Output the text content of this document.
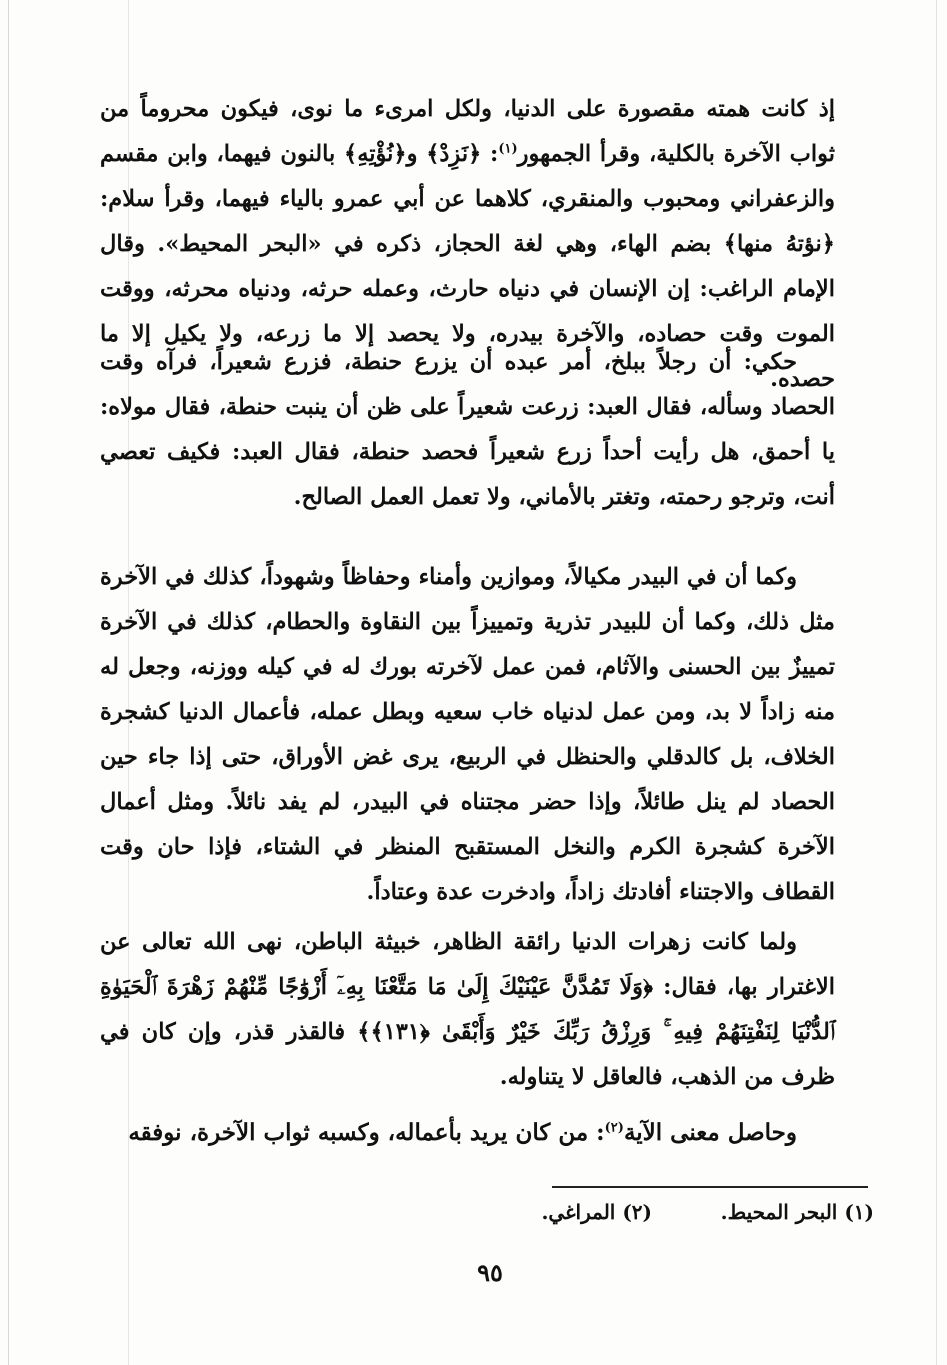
إذ كانت همته مقصورة على الدنيا، ولكل امرىء ما نوى، فيكون محروماً من ثواب الآخرة بالكلية، وقرأ الجمهور$^{(١)}$: ﴿نَزِدْ﴾ و﴿نُؤْتِهِ﴾ بالنون فيهما، وابن مقسم والزعفراني ومحبوب والمنقري، كلاهما عن أبي عمرو بالياء فيهما، وقرأ سلام: ﴿نؤتهُ منها﴾ بضم الهاء، وهي لغة الحجاز، ذكره في «البحر المحيط». وقال الإمام الراغب: إن الإنسان في دنياه حارث، وعمله حرثه، ودنياه محرثه، ووقت الموت وقت حصاده، والآخرة بيدره، ولا يحصد إلا ما زرعه، ولا يكيل إلا ما حصده.

حكي: أن رجلاً ببلخ، أمر عبده أن يزرع حنطة، فزرع شعيراً، فرآه وقت الحصاد وسأله، فقال العبد: زرعت شعيراً على ظن أن ينبت حنطة، فقال مولاه: يا أحمق، هل رأيت أحداً زرع شعيراً فحصد حنطة، فقال العبد: فكيف تعصي أنت، وترجو رحمته، وتغتر بالأماني، ولا تعمل العمل الصالح.

وكما أن في البيدر مكيالاً، وموازين وأمناء وحفاظاً وشهوداً، كذلك في الآخرة مثل ذلك، وكما أن للبيدر تذرية وتمييزاً بين النقاوة والحطام، كذلك في الآخرة تمييزٌ بين الحسنى والآثام، فمن عمل لآخرته بورك له في كيله ووزنه، وجعل له منه زاداً لا بد، ومن عمل لدنياه خاب سعيه وبطل عمله، فأعمال الدنيا كشجرة الخلاف، بل كالدقلي والحنظل في الربيع، يرى غض الأوراق، حتى إذا جاء حين الحصاد لم ينل طائلاً، وإذا حضر مجتناه في البيدر، لم يفد نائلاً. ومثل أعمال الآخرة كشجرة الكرم والنخل المستقبح المنظر في الشتاء، فإذا حان وقت القطاف والاجتناء أفادتك زاداً، وادخرت عدة وعتاداً.

ولما كانت زهرات الدنيا رائقة الظاهر، خبيثة الباطن، نهى الله تعالى عن الاغترار بها، فقال: ﴿وَلَا تَمُدَّنَّ عَيْنَيْكَ إِلَىٰ مَا مَتَّعْنَا بِهِۦٓ أَزْوَٰجًا مِّنْهُمْ زَهْرَةَ ٱلْحَيَوٰةِ ٱلدُّنْيَا لِنَفْتِنَهُمْ فِيهِ ۚ وَرِزْقُ رَبِّكَ خَيْرٌ وَأَبْقَىٰ ﴿١٣١﴾﴾ فالقذر قذر، وإن كان في ظرف من الذهب، فالعاقل لا يتناوله.

وحاصل معنى الآية$^{(٢)}$: من كان يريد بأعماله، وكسبه ثواب الآخرة، نوفقه

(١) البحر المحيط.
(٢) المراغي.
٩٥
